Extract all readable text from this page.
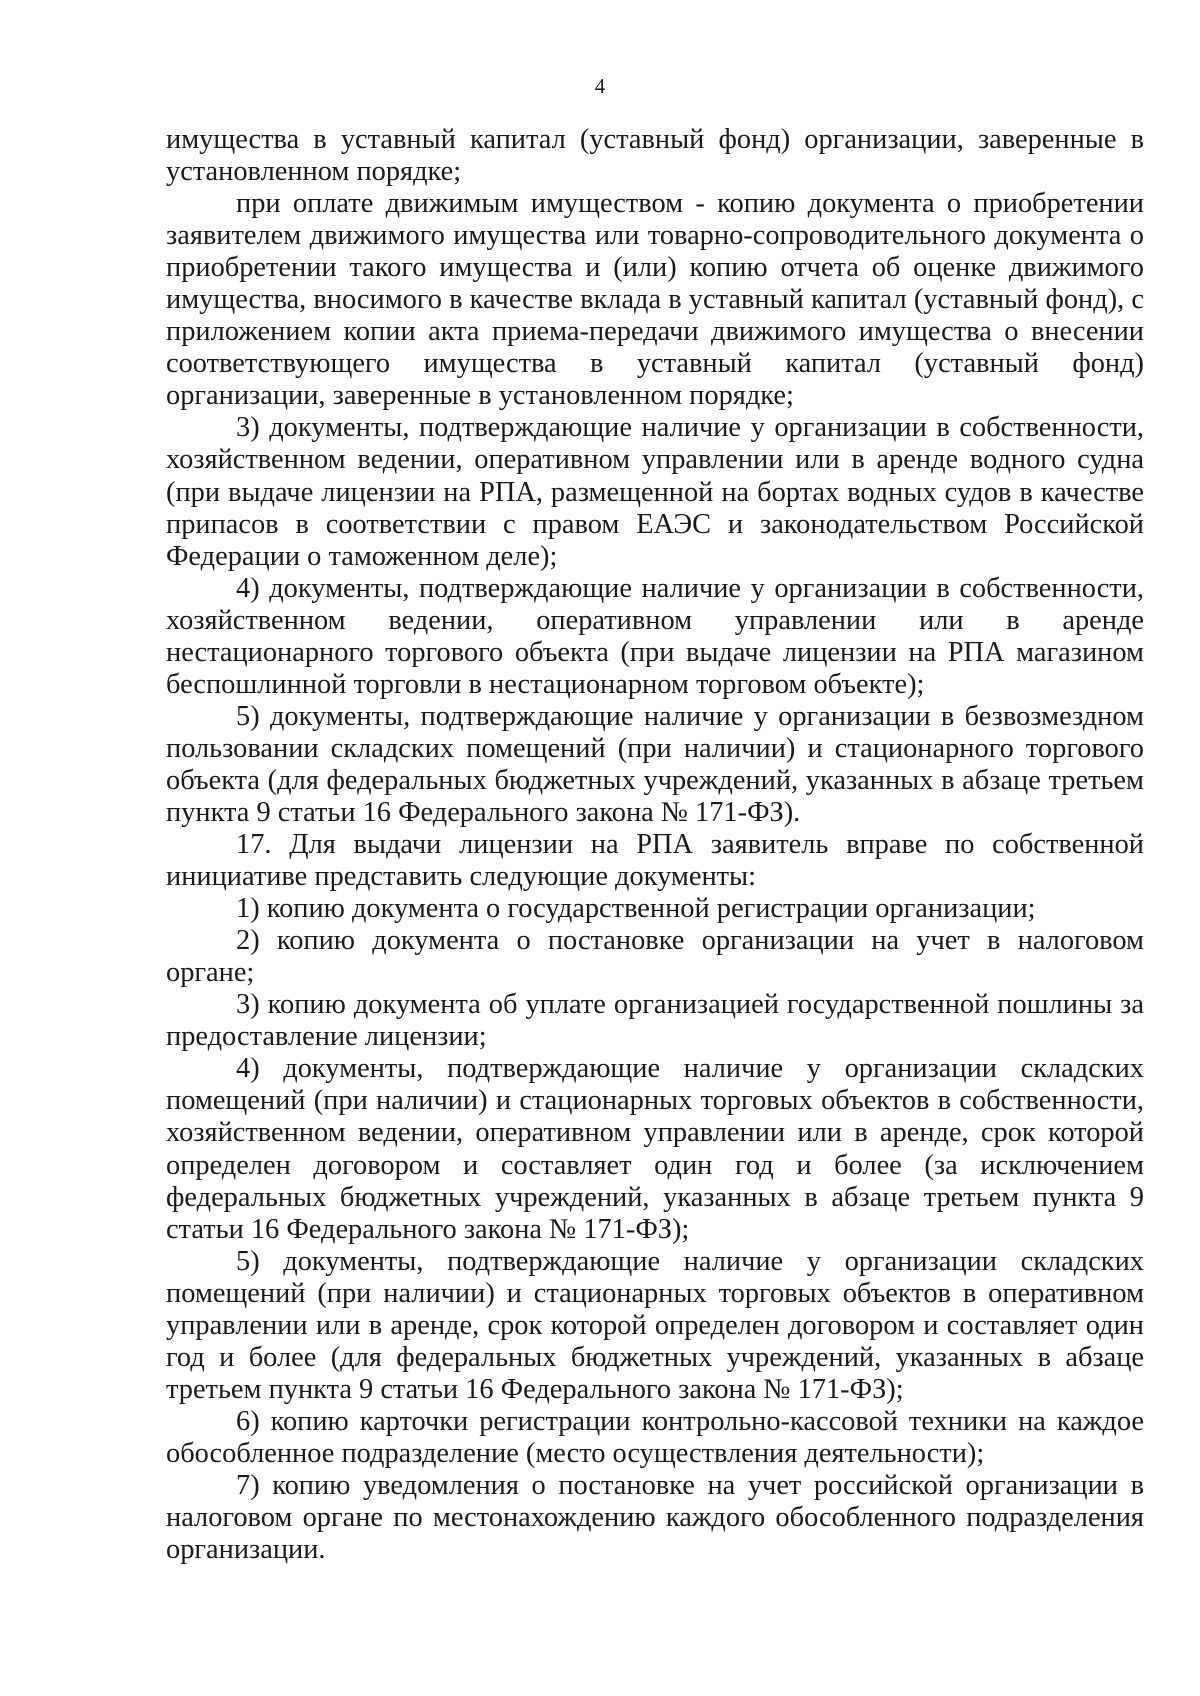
4

имущества в уставный капитал (уставный фонд) организации, заверенные в установленном порядке;

при оплате движимым имуществом - копию документа о приобретении заявителем движимого имущества или товарно-сопроводительного документа о приобретении такого имущества и (или) копию отчета об оценке движимого имущества, вносимого в качестве вклада в уставный капитал (уставный фонд), с приложением копии акта приема-передачи движимого имущества о внесении соответствующего имущества в уставный капитал (уставный фонд) организации, заверенные в установленном порядке;

3) документы, подтверждающие наличие у организации в собственности, хозяйственном ведении, оперативном управлении или в аренде водного судна (при выдаче лицензии на РПА, размещенной на бортах водных судов в качестве припасов в соответствии с правом ЕАЭС и законодательством Российской Федерации о таможенном деле);

4) документы, подтверждающие наличие у организации в собственности, хозяйственном ведении, оперативном управлении или в аренде нестационарного торгового объекта (при выдаче лицензии на РПА магазином беспошлинной торговли в нестационарном торговом объекте);

5) документы, подтверждающие наличие у организации в безвозмездном пользовании складских помещений (при наличии) и стационарного торгового объекта (для федеральных бюджетных учреждений, указанных в абзаце третьем пункта 9 статьи 16 Федерального закона № 171-ФЗ).

17. Для выдачи лицензии на РПА заявитель вправе по собственной инициативе представить следующие документы:

1) копию документа о государственной регистрации организации;

2) копию документа о постановке организации на учет в налоговом органе;

3) копию документа об уплате организацией государственной пошлины за предоставление лицензии;

4) документы, подтверждающие наличие у организации складских помещений (при наличии) и стационарных торговых объектов в собственности, хозяйственном ведении, оперативном управлении или в аренде, срок которой определен договором и составляет один год и более (за исключением федеральных бюджетных учреждений, указанных в абзаце третьем пункта 9 статьи 16 Федерального закона № 171-ФЗ);

5) документы, подтверждающие наличие у организации складских помещений (при наличии) и стационарных торговых объектов в оперативном управлении или в аренде, срок которой определен договором и составляет один год и более (для федеральных бюджетных учреждений, указанных в абзаце третьем пункта 9 статьи 16 Федерального закона № 171-ФЗ);

6) копию карточки регистрации контрольно-кассовой техники на каждое обособленное подразделение (место осуществления деятельности);

7) копию уведомления о постановке на учет российской организации в налоговом органе по местонахождению каждого обособленного подразделения организации.
